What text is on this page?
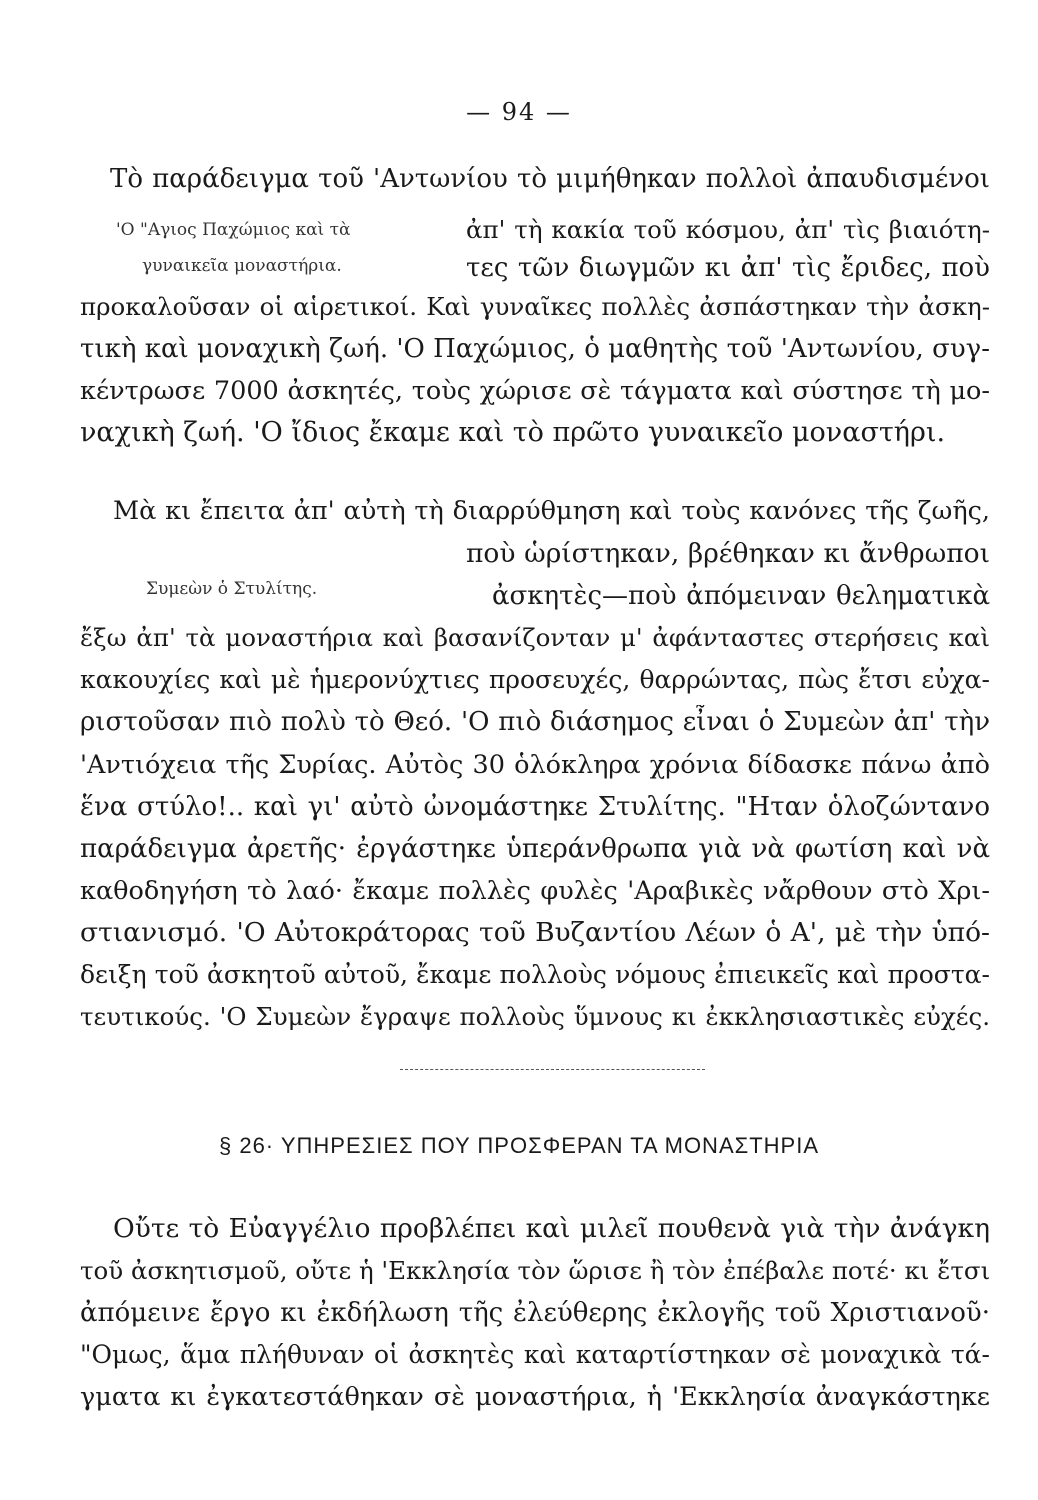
— 94 —
Τὸ παράδειγμα τοῦ 'Αντωνίου τὸ μιμήθηκαν πολλοὶ ἀπαυδισμένοι
'Ο "Αγιος Παχώμιος καὶ τὰ
γυναικεῖα μοναστήρια.
ἀπ' τὴ κακία τοῦ κόσμου, ἀπ' τὶς βιαιότη-
τες τῶν διωγμῶν κι ἀπ' τὶς ἔριδες, ποὺ
προκαλοῦσαν οἱ αἱρετικοί. Καὶ γυναῖκες πολλὲς ἀσπάστηκαν τὴν ἀσκη-
τικὴ καὶ μοναχικὴ ζωή. 'Ο Παχώμιος, ὁ μαθητὴς τοῦ 'Αντωνίου, συγ-
κέντρωσε 7000 ἀσκητές, τοὺς χώρισε σὲ τάγματα καὶ σύστησε τὴ μο-
ναχικὴ ζωή. 'Ο ἴδιος ἔκαμε καὶ τὸ πρῶτο γυναικεῖο μοναστήρι.
Μὰ κι ἔπειτα ἀπ' αὐτὴ τὴ διαρρύθμηση καὶ τοὺς κανόνες τῆς ζωῆς,
ποὺ ὡρίστηκαν, βρέθηκαν κι ἄνθρωποι
Συμεὼν ὁ Στυλίτης.	ἀσκητὲς—ποὺ ἀπόμειναν θεληματικὰ
ἔξω ἀπ' τὰ μοναστήρια καὶ βασανίζονταν μ' ἀφάνταστες στερήσεις καὶ
κακουχίες καὶ μὲ ἡμερονύχτιες προσευχές, θαρρώντας, πὼς ἔτσι εὐχα-
ριστοῦσαν πιὸ πολὺ τὸ Θεό. 'Ο πιὸ διάσημος εἶναι ὁ Συμεὼν ἀπ' τὴν
'Αντιόχεια τῆς Συρίας. Αὐτὸς 30 ὁλόκληρα χρόνια δίδασκε πάνω ἀπὸ
ἕνα στύλο!.. καὶ γι' αὐτὸ ὠνομάστηκε Στυλίτης. "Ηταν ὁλοζώντανο
παράδειγμα ἀρετῆς· ἐργάστηκε ὑπεράνθρωπα γιὰ νὰ φωτίση καὶ νὰ
καθοδηγήση τὸ λαό· ἔκαμε πολλὲς φυλὲς 'Αραβικὲς νἄρθουν στὸ Χρι-
στιανισμό. 'Ο Αὐτοκράτορας τοῦ Βυζαντίου Λέων ὁ Α', μὲ τὴν ὑπό-
δειξη τοῦ ἀσκητοῦ αὐτοῦ, ἔκαμε πολλοὺς νόμους ἐπιεικεῖς καὶ προστα-
τευτικούς. 'Ο Συμεὼν ἔγραψε πολλοὺς ὕμνους κι ἐκκλησιαστικὲς εὐχές.
§ 26· ΥΠΗΡΕΣΙΕΣ ΠΟΥ ΠΡΟΣΦΕΡΑΝ ΤΑ ΜΟΝΑΣΤΗΡΙΑ
Οὔτε τὸ Εὐαγγέλιο προβλέπει καὶ μιλεῖ πουθενὰ γιὰ τὴν ἀνάγκη
τοῦ ἀσκητισμοῦ, οὔτε ἡ 'Εκκλησία τὸν ὥρισε ἢ τὸν ἐπέβαλε ποτέ· κι ἔτσι
ἀπόμεινε ἔργο κι ἐκδήλωση τῆς ἐλεύθερης ἐκλογῆς τοῦ Χριστιανοῦ·
"Ομως, ἅμα πλήθυναν οἱ ἀσκητὲς καὶ καταρτίστηκαν σὲ μοναχικὰ τά-
γματα κι ἐγκατεστάθηκαν σὲ μοναστήρια, ἡ 'Εκκλησία ἀναγκάστηκε
